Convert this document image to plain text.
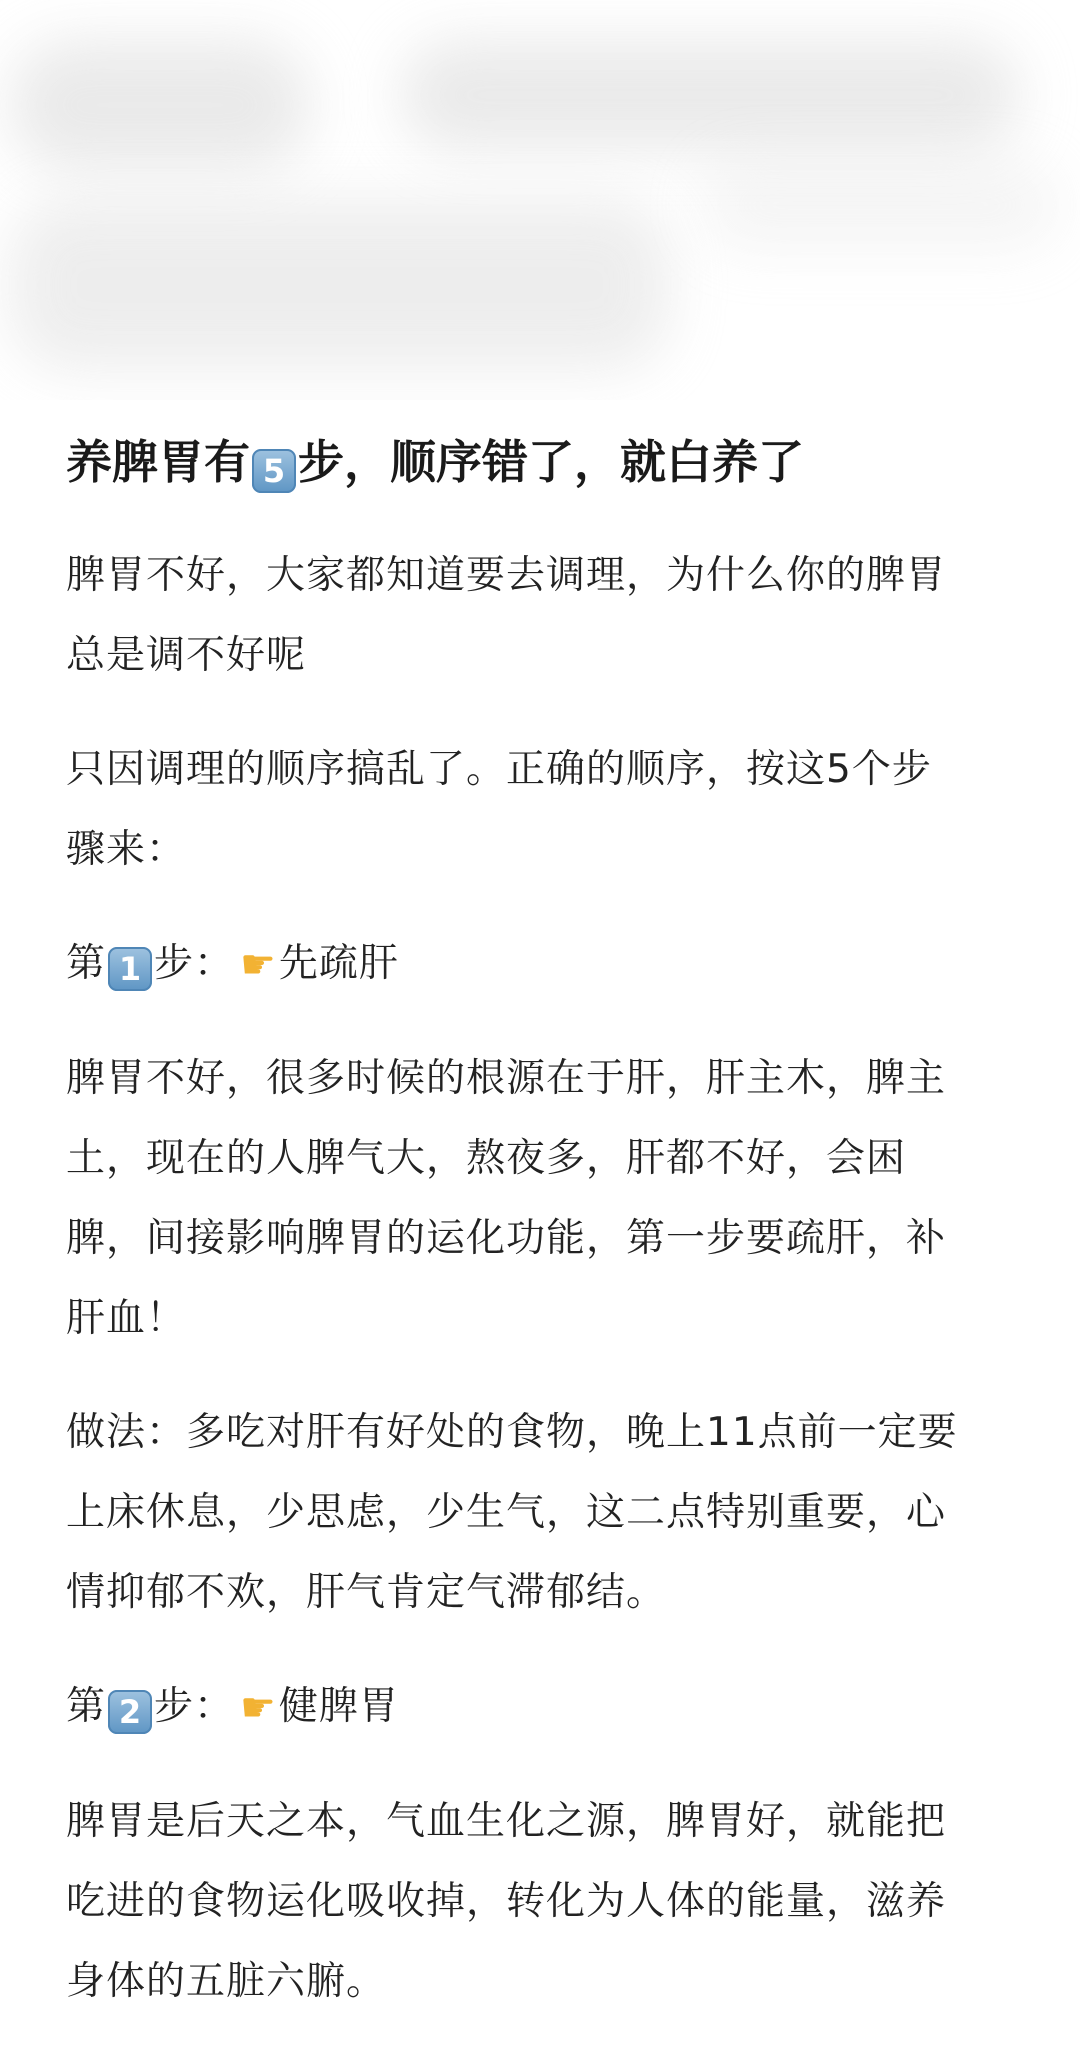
养脾胃有 5 步，顺序错了，就白养了
脾胃不好，大家都知道要去调理，为什么你的脾胃
总是调不好呢
只因调理的顺序搞乱了。正确的顺序，按这5个步
骤来：
第 1 步： ☛先疏肝
脾胃不好，很多时候的根源在于肝，肝主木，脾主
土，现在的人脾气大，熬夜多，肝都不好，会困
脾，间接影响脾胃的运化功能，第一步要疏肝，补
肝血！
做法：多吃对肝有好处的食物，晚上11点前一定要
上床休息，少思虑，少生气，这二点特别重要，心
情抑郁不欢，肝气肯定气滞郁结。
第 2 步： ☛健脾胃
脾胃是后天之本，气血生化之源，脾胃好，就能把
吃进的食物运化吸收掉，转化为人体的能量，滋养
身体的五脏六腑。
